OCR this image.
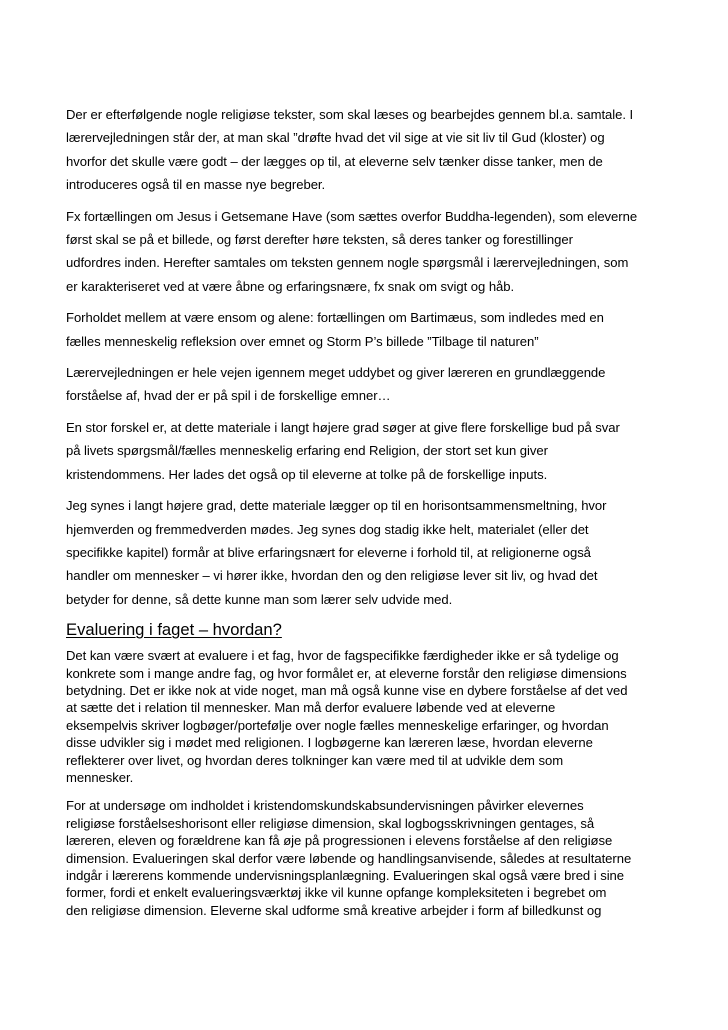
Der er efterfølgende nogle religiøse tekster, som skal læses og bearbejdes gennem bl.a. samtale. I
lærervejledningen står der, at man skal ”drøfte hvad det vil sige at vie sit liv til Gud (kloster) og
hvorfor det skulle være godt – der lægges op til, at eleverne selv tænker disse tanker, men de
introduceres også til en masse nye begreber.

Fx fortællingen om Jesus i Getsemane Have (som sættes overfor Buddha-legenden), som eleverne
først skal se på et billede, og først derefter høre teksten, så deres tanker og forestillinger
udfordres inden. Herefter samtales om teksten gennem nogle spørgsmål i lærervejledningen, som
er karakteriseret ved at være åbne og erfaringsnære, fx snak om svigt og håb.

Forholdet mellem at være ensom og alene: fortællingen om Bartimæus, som indledes med en
fælles menneskelig refleksion over emnet og Storm P’s billede ”Tilbage til naturen”

Lærervejledningen er hele vejen igennem meget uddybet og giver læreren en grundlæggende
forståelse af, hvad der er på spil i de forskellige emner…

En stor forskel er, at dette materiale i langt højere grad søger at give flere forskellige bud på svar
på livets spørgsmål/fælles menneskelig erfaring end Religion, der stort set kun giver
kristendommens. Her lades det også op til eleverne at tolke på de forskellige inputs.

Jeg synes i langt højere grad, dette materiale lægger op til en horisontsammensmeltning, hvor
hjemverden og fremmedverden mødes. Jeg synes dog stadig ikke helt, materialet (eller det
specifikke kapitel) formår at blive erfaringsnært for eleverne i forhold til, at religionerne også
handler om mennesker – vi hører ikke, hvordan den og den religiøse lever sit liv, og hvad det
betyder for denne, så dette kunne man som lærer selv udvide med.

Evaluering i faget – hvordan?

Det kan være svært at evaluere i et fag, hvor de fagspecifikke færdigheder ikke er så tydelige og
konkrete som i mange andre fag, og hvor formålet er, at eleverne forstår den religiøse dimensions
betydning. Det er ikke nok at vide noget, man må også kunne vise en dybere forståelse af det ved
at sætte det i relation til mennesker. Man må derfor evaluere løbende ved at eleverne
eksempelvis skriver logbøger/portefølje over nogle fælles menneskelige erfaringer, og hvordan
disse udvikler sig i mødet med religionen. I logbøgerne kan læreren læse, hvordan eleverne
reflekterer over livet, og hvordan deres tolkninger kan være med til at udvikle dem som
mennesker.

For at undersøge om indholdet i kristendomskundskabsundervisningen påvirker elevernes
religiøse forståelseshorisont eller religiøse dimension, skal logbogsskrivningen gentages, så
læreren, eleven og forældrene kan få øje på progressionen i elevens forståelse af den religiøse
dimension. Evalueringen skal derfor være løbende og handlingsanvisende, således at resultaterne
indgår i lærerens kommende undervisningsplanlægning. Evalueringen skal også være bred i sine
former, fordi et enkelt evalueringsværktøj ikke vil kunne opfange kompleksiteten i begrebet om
den religiøse dimension. Eleverne skal udforme små kreative arbejder i form af billedkunst og
